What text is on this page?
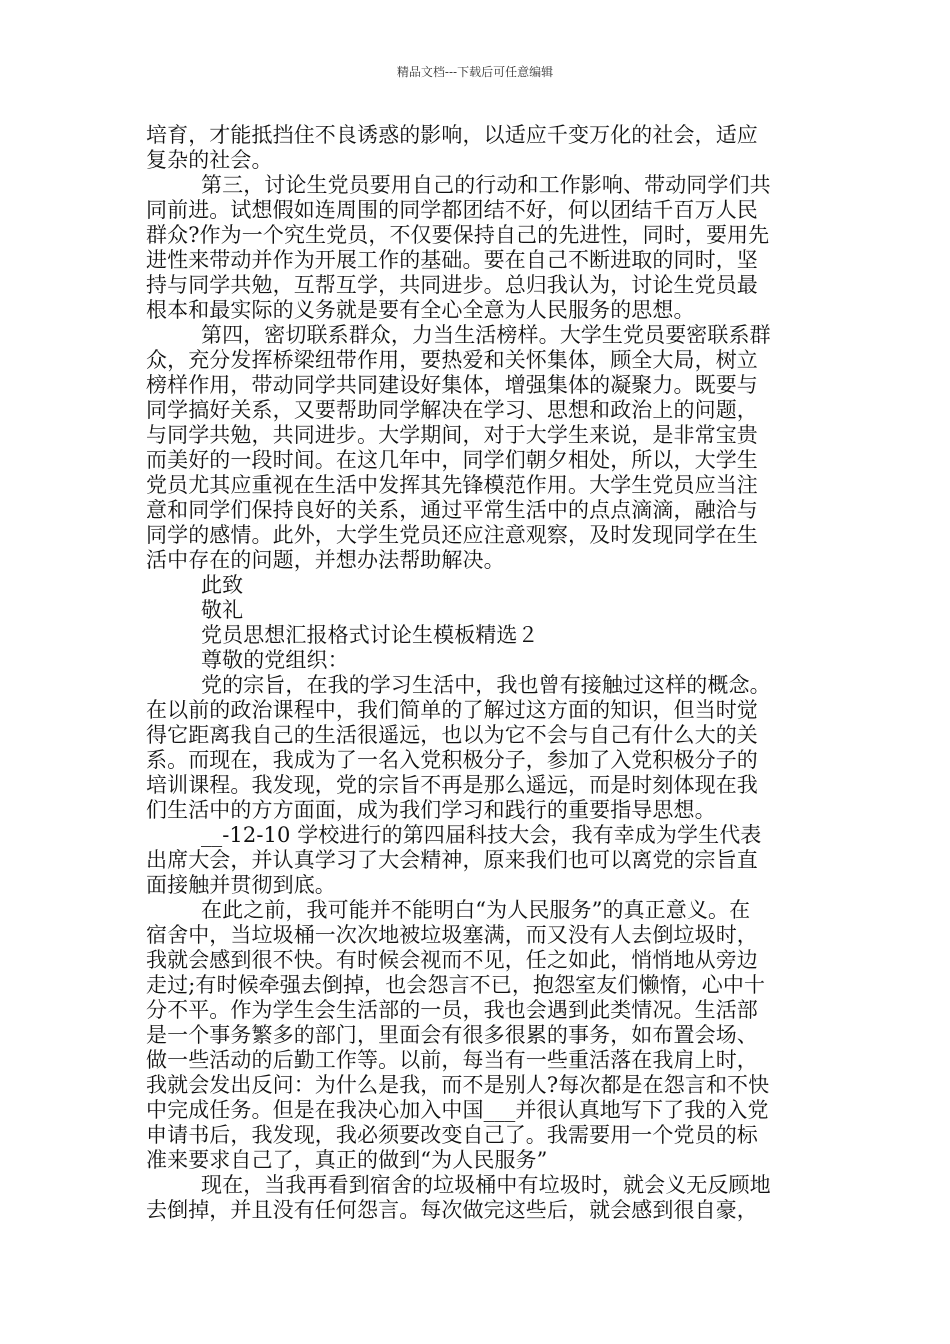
精品文档---下载后可任意编辑
培育，才能抵挡住不良诱惑的影响，以适应千变万化的社会，适应
复杂的社会。
第三，讨论生党员要用自己的行动和工作影响、带动同学们共
同前进。试想假如连周围的同学都团结不好，何以团结千百万人民
群众?作为一个究生党员，不仅要保持自己的先进性，同时，要用先
进性来带动并作为开展工作的基础。要在自己不断进取的同时，坚
持与同学共勉，互帮互学，共同进步。总归我认为，讨论生党员最
根本和最实际的义务就是要有全心全意为人民服务的思想。
第四，密切联系群众，力当生活榜样。大学生党员要密联系群
众，充分发挥桥梁纽带作用，要热爱和关怀集体，顾全大局，树立
榜样作用，带动同学共同建设好集体，增强集体的凝聚力。既要与
同学搞好关系，又要帮助同学解决在学习、思想和政治上的问题，
与同学共勉，共同进步。大学期间，对于大学生来说，是非常宝贵
而美好的一段时间。在这几年中，同学们朝夕相处，所以，大学生
党员尤其应重视在生活中发挥其先锋模范作用。大学生党员应当注
意和同学们保持良好的关系，通过平常生活中的点点滴滴，融洽与
同学的感情。此外，大学生党员还应注意观察，及时发现同学在生
活中存在的问题，并想办法帮助解决。
此致
敬礼
党员思想汇报格式讨论生模板精选２
尊敬的党组织：
党的宗旨，在我的学习生活中，我也曾有接触过这样的概念。
在以前的政治课程中，我们简单的了解过这方面的知识，但当时觉
得它距离我自己的生活很遥远，也以为它不会与自己有什么大的关
系。而现在，我成为了一名入党积极分子，参加了入党积极分子的
培训课程。我发现，党的宗旨不再是那么遥远，而是时刻体现在我
们生活中的方方面面，成为我们学习和践行的重要指导思想。
__-12-10 学校进行的第四届科技大会，我有幸成为学生代表
出席大会，并认真学习了大会精神，原来我们也可以离党的宗旨直
面接触并贯彻到底。
在此之前，我可能并不能明白“为人民服务”的真正意义。在
宿舍中，当垃圾桶一次次地被垃圾塞满，而又没有人去倒垃圾时，
我就会感到很不快。有时候会视而不见，任之如此，悄悄地从旁边
走过;有时候牵强去倒掉，也会怨言不已，抱怨室友们懒惰，心中十
分不平。作为学生会生活部的一员，我也会遇到此类情况。生活部
是一个事务繁多的部门，里面会有很多很累的事务，如布置会场、
做一些活动的后勤工作等。以前，每当有一些重活落在我肩上时，
我就会发出反问：为什么是我，而不是别人?每次都是在怨言和不快
中完成任务。但是在我决心加入中国___并很认真地写下了我的入党
申请书后，我发现，我必须要改变自己了。我需要用一个党员的标
准来要求自己了，真正的做到“为人民服务”
现在，当我再看到宿舍的垃圾桶中有垃圾时，就会义无反顾地
去倒掉，并且没有任何怨言。每次做完这些后，就会感到很自豪，
